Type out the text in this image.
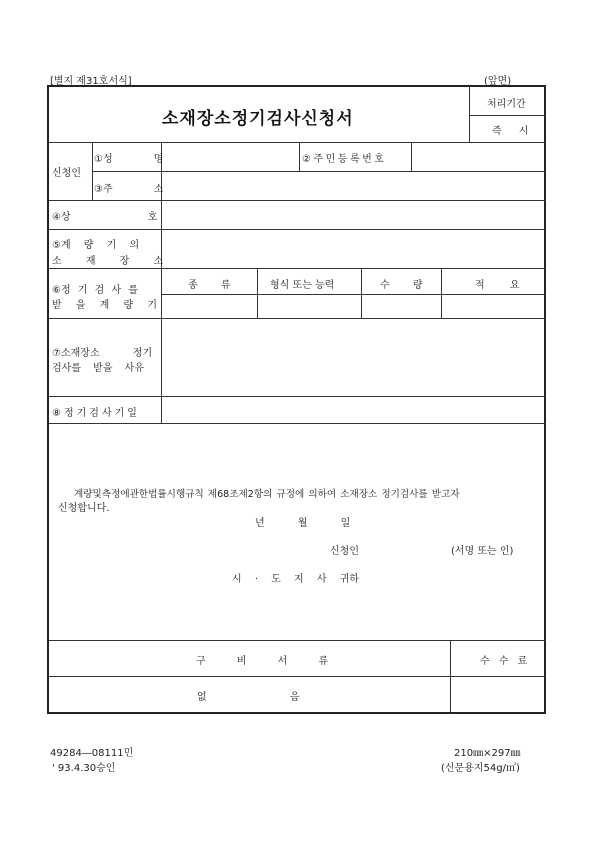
[별지 제31호서식]	(앞면)
소재장소정기검사신청서
처리기간
즉 시
신청인
①성 명	②주민등록번호
③주 소
④상 호
⑤계 량 기 의
소 재 장 소
⑥정 기 검 사 를
받 을 계 량 기
종 류	형식 또는 능력	수 량	적 요
⑦소재장소 정기
검사를 받을 사유
⑧정기검사기일
계량및측정에관한법률시행규칙 제68조제2항의 규정에 의하여 소재장소 정기검사를 받고자
신청합니다.
년 월 일
신청인	(서명 또는 인)
시 · 도 지 사 귀하
구 비 서 류	수 수 료
없 음
49284―08111민
' 93.4.30승인
210㎜×297㎜
(신문용지54g/㎡)
